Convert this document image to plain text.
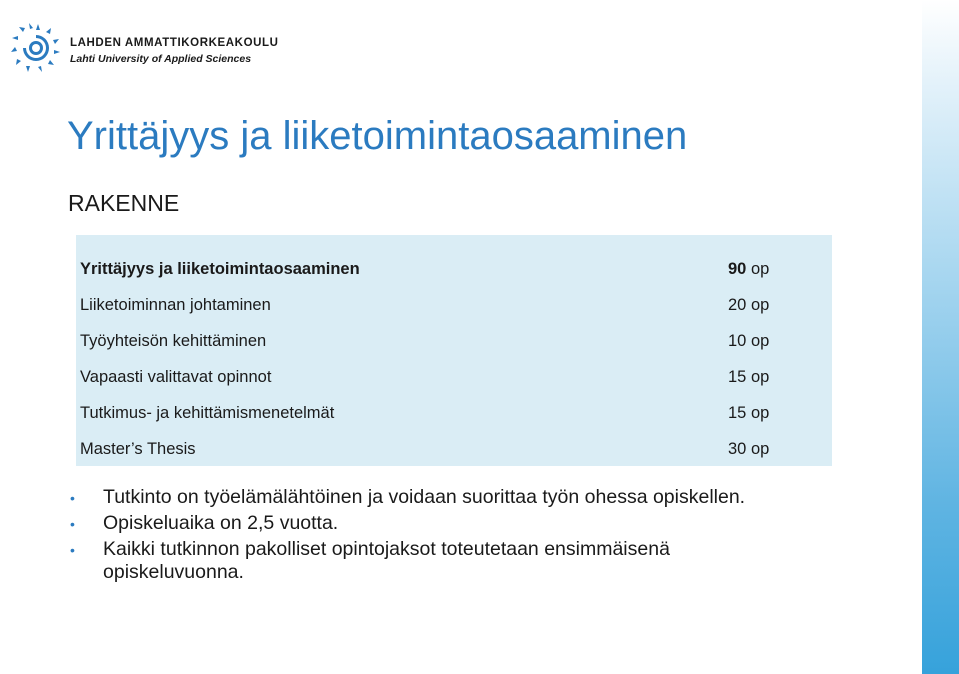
LAHDEN AMMATTIKORKEAKOULU
Lahti University of Applied Sciences
Yrittäjyys ja liiketoimintaosaaminen
RAKENNE
Yrittäjyys ja liiketoimintaosaaminen	90 op
Liiketoiminnan johtaminen	20 op
Työyhteisön kehittäminen	10 op
Vapaasti valittavat opinnot	15 op
Tutkimus- ja kehittämismenetelmät	15 op
Master’s Thesis	30 op
• Tutkinto on työelämälähtöinen ja voidaan suorittaa työn ohessa opiskellen.
• Opiskeluaika on 2,5 vuotta.
• Kaikki tutkinnon pakolliset opintojaksot toteutetaan ensimmäisenä opiskeluvuonna.
